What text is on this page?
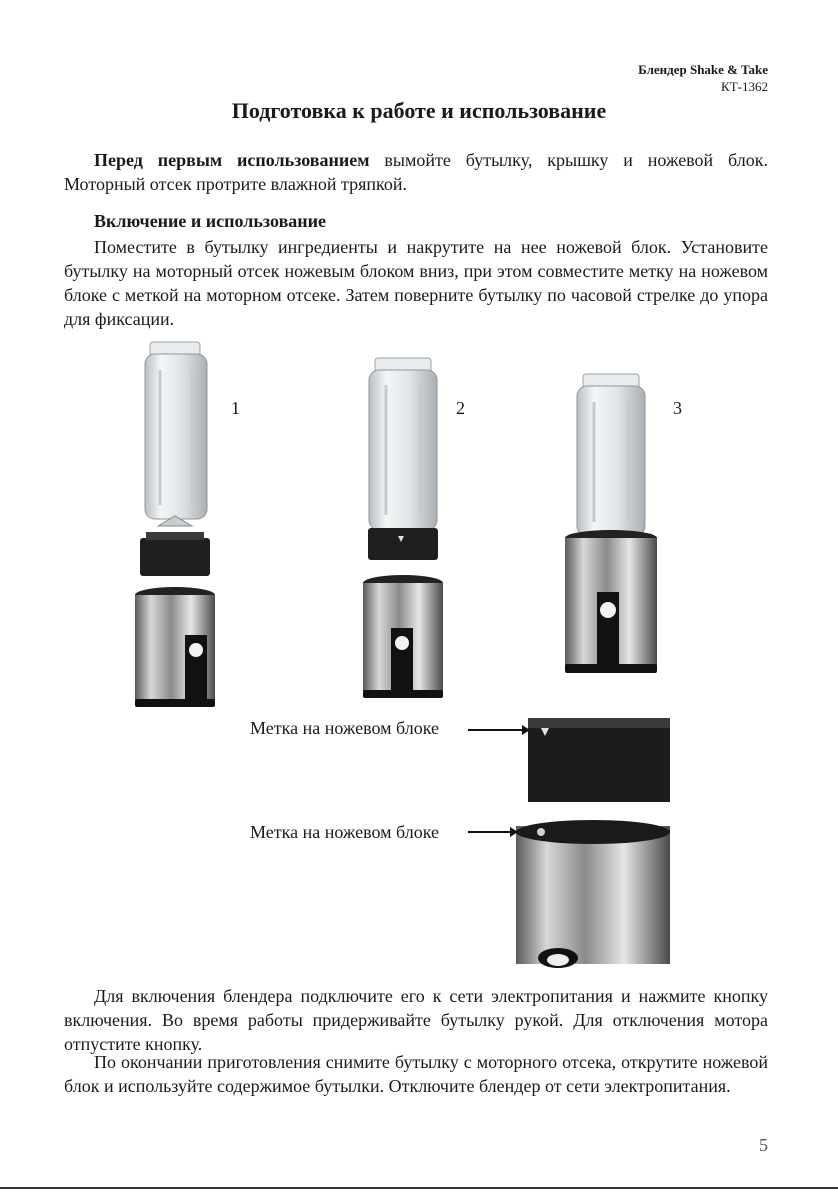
Блендер Shake & Take
КТ-1362
Подготовка к работе и использование

Перед первым использованием вымойте бутылку, крышку и ножевой блок. Моторный отсек протрите влажной тряпкой.

Включение и использование

Поместите в бутылку ингредиенты и накрутите на нее ножевой блок. Установите бутылку на моторный отсек ножевым блоком вниз, при этом совместите метку на ножевом блоке с меткой на моторном отсеке. Затем поверните бутылку по часовой стрелке до упора для фиксации.

1	2	3
Метка на ножевом блоке
Метка на ножевом блоке

Для включения блендера подключите его к сети электропитания и нажмите кнопку включения. Во время работы придерживайте бутылку рукой. Для отключения мотора отпустите кнопку.

По окончании приготовления снимите бутылку с моторного отсека, открутите ножевой блок и используйте содержимое бутылки. Отключите блендер от сети электропитания.

5
